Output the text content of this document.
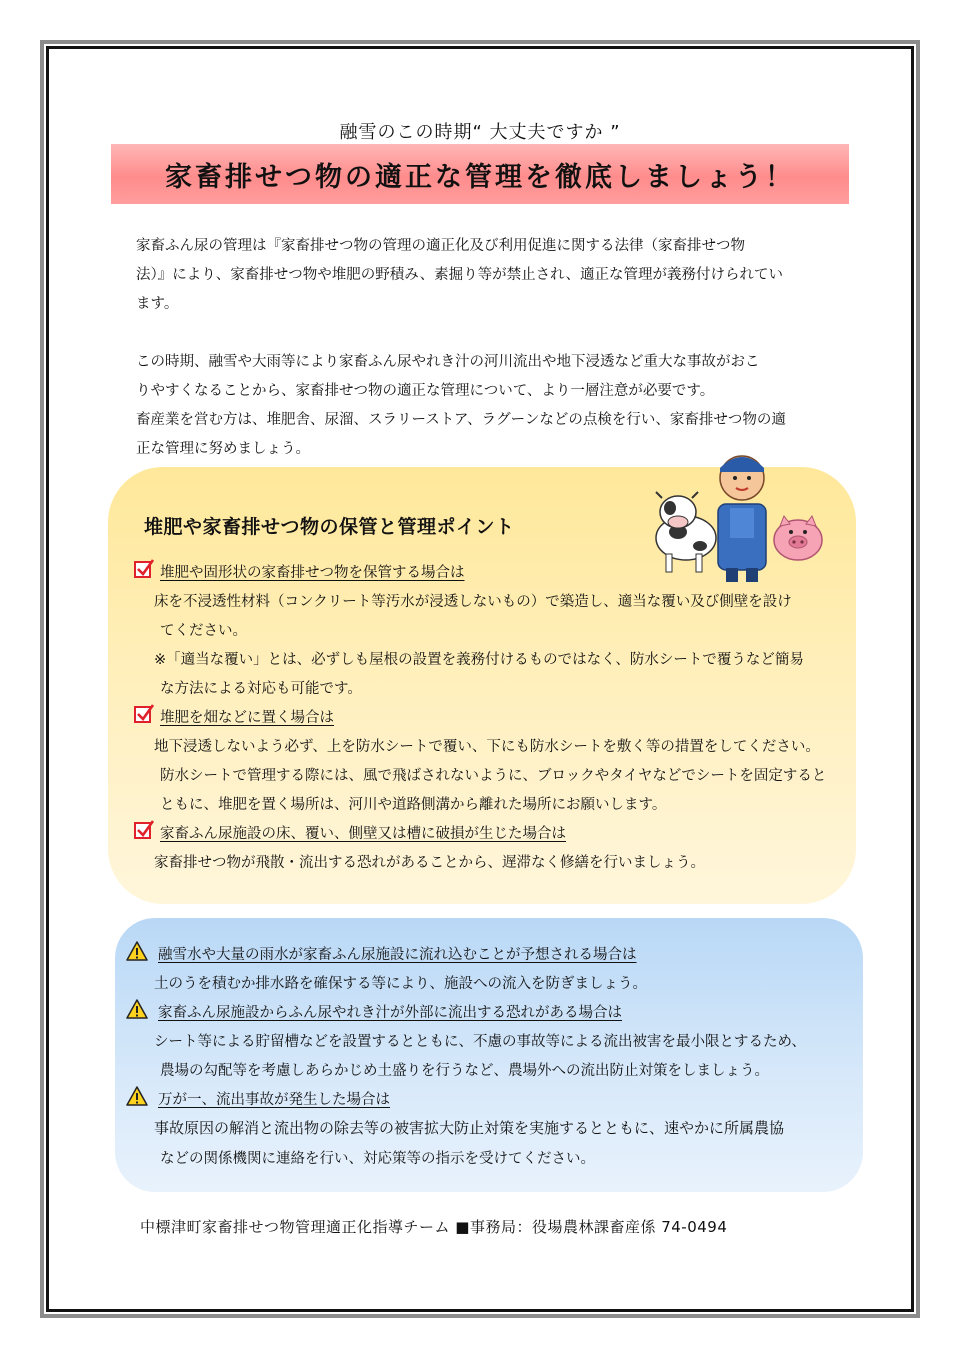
融雪のこの時期“ 大丈夫ですか ”
家畜排せつ物の適正な管理を徹底しましょう！
家畜ふん尿の管理は『家畜排せつ物の管理の適正化及び利用促進に関する法律（家畜排せつ物
法）』により、家畜排せつ物や堆肥の野積み、素掘り等が禁止され、適正な管理が義務付けられてい
ます。
この時期、融雪や大雨等により家畜ふん尿やれき汁の河川流出や地下浸透など重大な事故がおこ
りやすくなることから、家畜排せつ物の適正な管理について、より一層注意が必要です。
畜産業を営む方は、堆肥舎、尿溜、スラリーストア、ラグーンなどの点検を行い、家畜排せつ物の適
正な管理に努めましょう。
堆肥や家畜排せつ物の保管と管理ポイント
堆肥や固形状の家畜排せつ物を保管する場合は
床を不浸透性材料（コンクリート等汚水が浸透しないもの）で築造し、適当な覆い及び側壁を設け
てください。
※「適当な覆い」とは、必ずしも屋根の設置を義務付けるものではなく、防水シートで覆うなど簡易
な方法による対応も可能です。
堆肥を畑などに置く場合は
地下浸透しないよう必ず、上を防水シートで覆い、下にも防水シートを敷く等の措置をしてください。
防水シートで管理する際には、風で飛ばされないように、ブロックやタイヤなどでシートを固定すると
ともに、堆肥を置く場所は、河川や道路側溝から離れた場所にお願いします。
家畜ふん尿施設の床、覆い、側壁又は槽に破損が生じた場合は
家畜排せつ物が飛散・流出する恐れがあることから、遅滞なく修繕を行いましょう。
融雪水や大量の雨水が家畜ふん尿施設に流れ込むことが予想される場合は
土のうを積むか排水路を確保する等により、施設への流入を防ぎましょう。
家畜ふん尿施設からふん尿やれき汁が外部に流出する恐れがある場合は
シート等による貯留槽などを設置するとともに、不慮の事故等による流出被害を最小限とするため、
農場の勾配等を考慮しあらかじめ土盛りを行うなど、農場外への流出防止対策をしましょう。
万が一、流出事故が発生した場合は
事故原因の解消と流出物の除去等の被害拡大防止対策を実施するとともに、速やかに所属農協
などの関係機関に連絡を行い、対応策等の指示を受けてください。
中標津町家畜排せつ物管理適正化指導チーム ■事務局：役場農林課畜産係 74-0494
